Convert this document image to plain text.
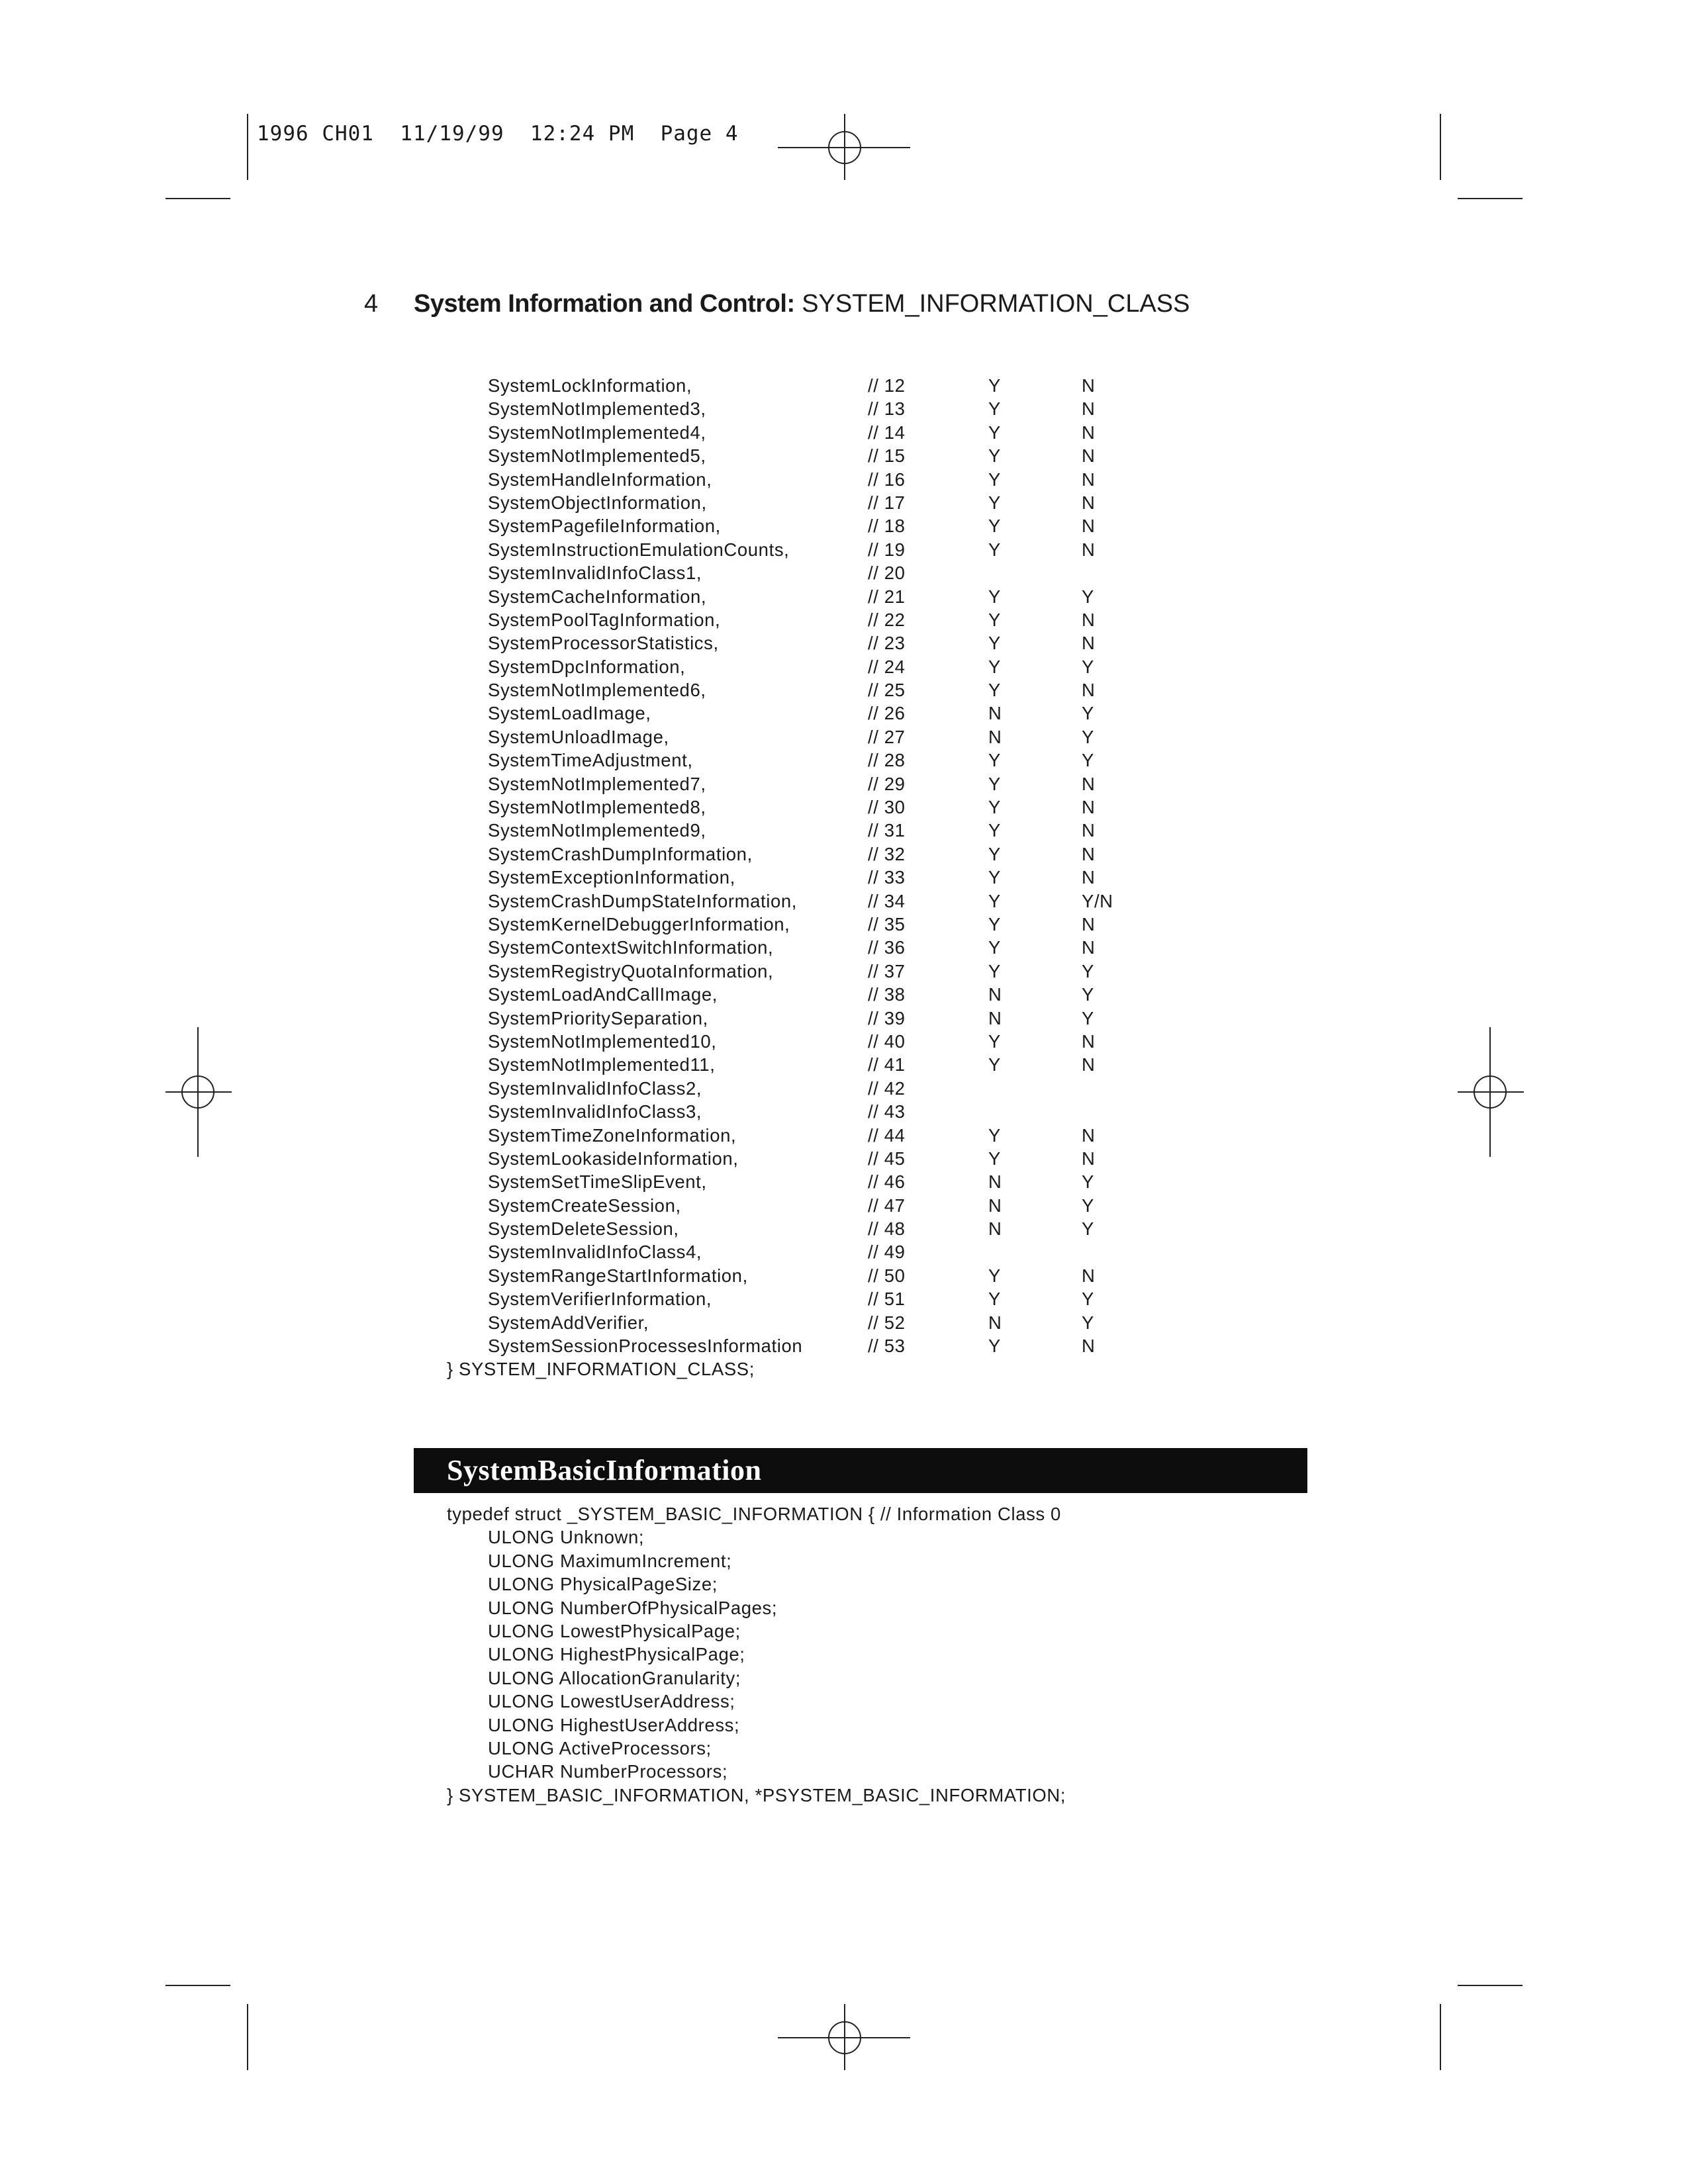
1996 CH01  11/19/99  12:24 PM  Page 4
4 System Information and Control: SYSTEM_INFORMATION_CLASS
SystemLockInformation,	// 12	Y	N
SystemNotImplemented3,	// 13	Y	N
SystemNotImplemented4,	// 14	Y	N
SystemNotImplemented5,	// 15	Y	N
SystemHandleInformation,	// 16	Y	N
SystemObjectInformation,	// 17	Y	N
SystemPagefileInformation,	// 18	Y	N
SystemInstructionEmulationCounts,	// 19	Y	N
SystemInvalidInfoClass1,	// 20
SystemCacheInformation,	// 21	Y	Y
SystemPoolTagInformation,	// 22	Y	N
SystemProcessorStatistics,	// 23	Y	N
SystemDpcInformation,	// 24	Y	Y
SystemNotImplemented6,	// 25	Y	N
SystemLoadImage,	// 26	N	Y
SystemUnloadImage,	// 27	N	Y
SystemTimeAdjustment,	// 28	Y	Y
SystemNotImplemented7,	// 29	Y	N
SystemNotImplemented8,	// 30	Y	N
SystemNotImplemented9,	// 31	Y	N
SystemCrashDumpInformation,	// 32	Y	N
SystemExceptionInformation,	// 33	Y	N
SystemCrashDumpStateInformation,	// 34	Y	Y/N
SystemKernelDebuggerInformation,	// 35	Y	N
SystemContextSwitchInformation,	// 36	Y	N
SystemRegistryQuotaInformation,	// 37	Y	Y
SystemLoadAndCallImage,	// 38	N	Y
SystemPrioritySeparation,	// 39	N	Y
SystemNotImplemented10,	// 40	Y	N
SystemNotImplemented11,	// 41	Y	N
SystemInvalidInfoClass2,	// 42
SystemInvalidInfoClass3,	// 43
SystemTimeZoneInformation,	// 44	Y	N
SystemLookasideInformation,	// 45	Y	N
SystemSetTimeSlipEvent,	// 46	N	Y
SystemCreateSession,	// 47	N	Y
SystemDeleteSession,	// 48	N	Y
SystemInvalidInfoClass4,	// 49
SystemRangeStartInformation,	// 50	Y	N
SystemVerifierInformation,	// 51	Y	Y
SystemAddVerifier,	// 52	N	Y
SystemSessionProcessesInformation	// 53	Y	N
} SYSTEM_INFORMATION_CLASS;
SystemBasicInformation
typedef struct _SYSTEM_BASIC_INFORMATION { // Information Class 0
ULONG Unknown;
ULONG MaximumIncrement;
ULONG PhysicalPageSize;
ULONG NumberOfPhysicalPages;
ULONG LowestPhysicalPage;
ULONG HighestPhysicalPage;
ULONG AllocationGranularity;
ULONG LowestUserAddress;
ULONG HighestUserAddress;
ULONG ActiveProcessors;
UCHAR NumberProcessors;
} SYSTEM_BASIC_INFORMATION, *PSYSTEM_BASIC_INFORMATION;
